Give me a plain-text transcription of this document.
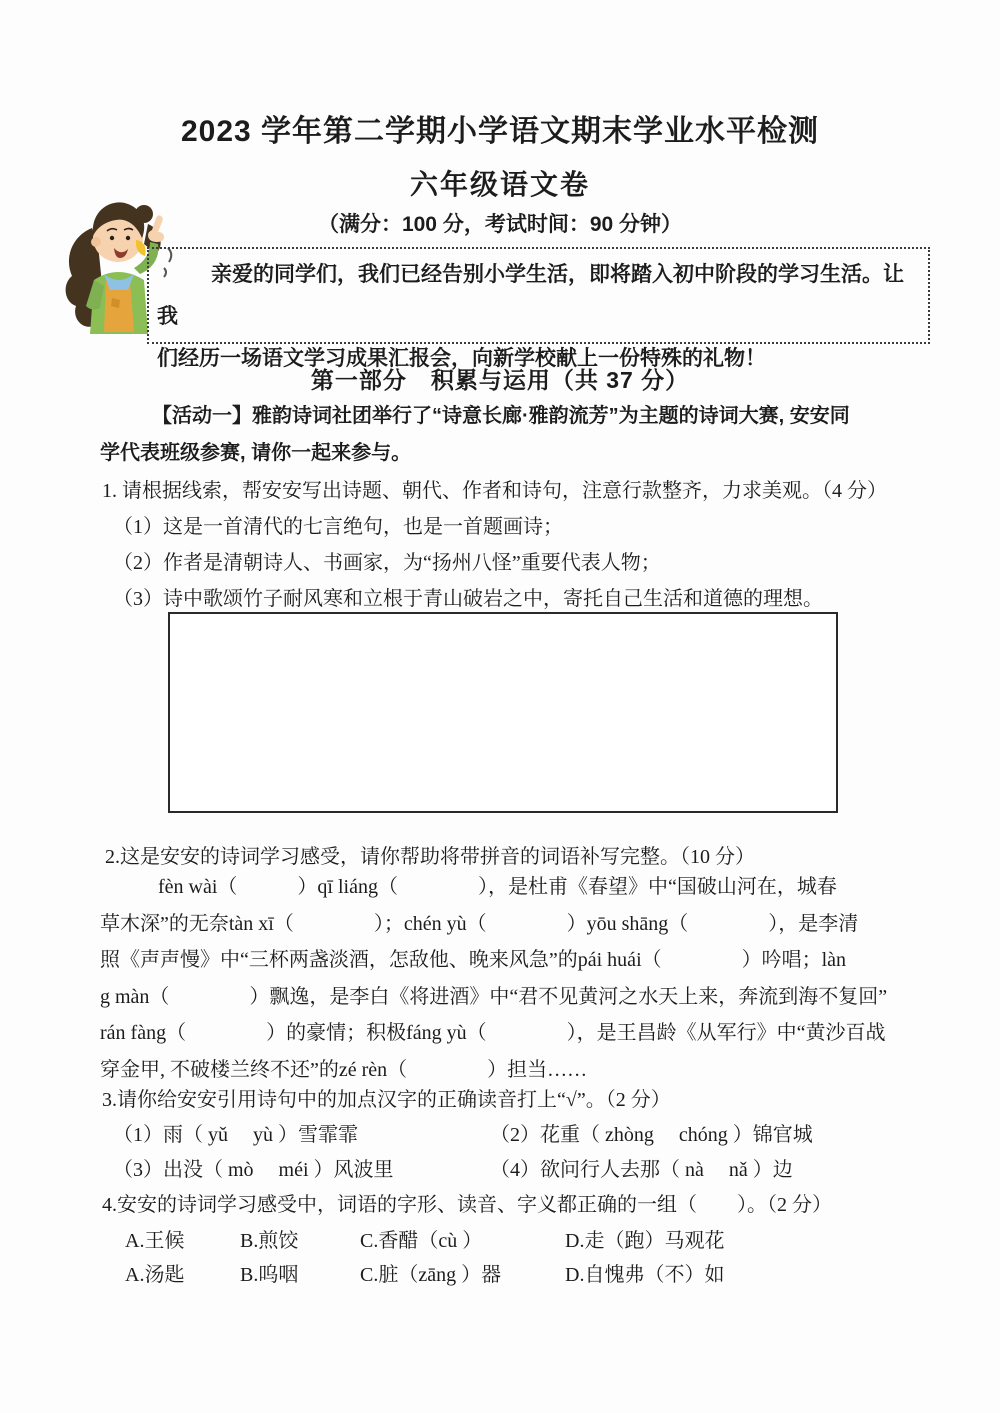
2023 学年第二学期小学语文期末学业水平检测
六年级语文卷
（满分：100 分，考试时间：90 分钟）
亲爱的同学们，我们已经告别小学生活，即将踏入初中阶段的学习生活。让我
们经历一场语文学习成果汇报会，向新学校献上一份特殊的礼物！
第一部分　积累与运用（共 37 分）
【活动一】雅韵诗词社团举行了“诗意长廊·雅韵流芳”为主题的诗词大赛, 安安同
学代表班级参赛, 请你一起来参与。
1. 请根据线索，帮安安写出诗题、朝代、作者和诗句，注意行款整齐，力求美观。（4 分）
（1）这是一首清代的七言绝句，也是一首题画诗；
（2）作者是清朝诗人、书画家，为“扬州八怪”重要代表人物；
（3）诗中歌颂竹子耐风寒和立根于青山破岩之中，寄托自己生活和道德的理想。
2.这是安安的诗词学习感受，请你帮助将带拼音的词语补写完整。（10 分）
fèn wài（　　　）qī liáng（　　　　），是杜甫《春望》中“国破山河在，城春
草木深”的无奈tàn xī（　　　　）；chén yù（　　　　）yōu shāng（　　　　），是李清
照《声声慢》中“三杯两盏淡酒，怎敌他、晚来风急”的pái huái（　　　　）吟唱；làn
g màn（　　　　）飘逸，是李白《将进酒》中“君不见黄河之水天上来，奔流到海不复回”
rán fàng（　　　　）的豪情；积极fáng yù（　　　　），是王昌龄《从军行》中“黄沙百战
穿金甲, 不破楼兰终不还”的zé rèn（　　　　）担当……
3.请你给安安引用诗句中的加点汉字的正确读音打上“√”。（2 分）
（1）雨（ yǔ　 yù ）雪霏霏	（2）花重（ zhòng　 chóng ）锦官城
（3）出没（ mò　 méi ）风波里	（4）欲问行人去那（ nà　 nǎ ）边
4.安安的诗词学习感受中，词语的字形、读音、字义都正确的一组（　　）。（2 分）
A.王候	B.煎饺	C.香醋（cù ）	D.走（跑）马观花
A.汤匙	B.呜咽	C.脏（zāng ）器	D.自愧弗（不）如
